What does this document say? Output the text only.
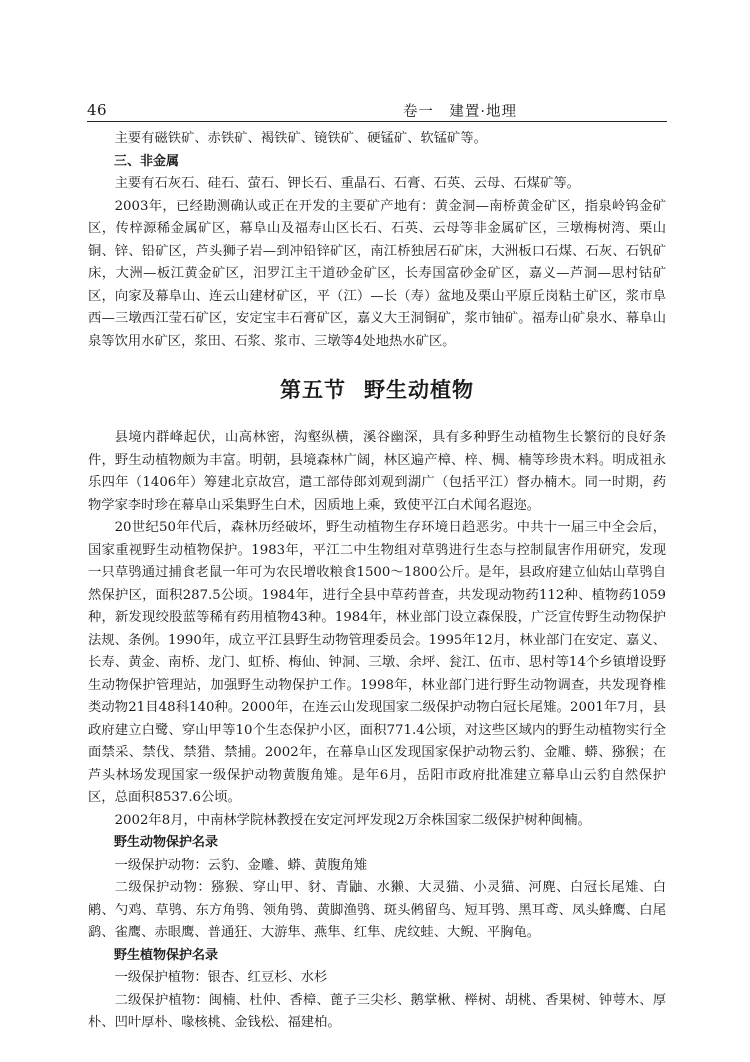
46	卷一　建置·地理

主要有磁铁矿、赤铁矿、褐铁矿、镜铁矿、硬锰矿、软锰矿等。

三、非金属

主要有石灰石、硅石、萤石、钾长石、重晶石、石膏、石英、云母、石煤矿等。

2003年，已经勘测确认或正在开发的主要矿产地有：黄金洞—南桥黄金矿区，指泉岭钨金矿区，传梓源稀金属矿区，幕阜山及福寿山区长石、石英、云母等非金属矿区，三墩梅树湾、栗山铜、锌、铅矿区，芦头狮子岩—到冲铅锌矿区，南江桥独居石矿床，大洲板口石煤、石灰、石钒矿床，大洲—板江黄金矿区，汨罗江主干道砂金矿区，长寿国富砂金矿区，嘉义—芦洞—思村钴矿区，向家及幕阜山、连云山建材矿区，平（江）—长（寿）盆地及栗山平原丘岗粘土矿区，浆市阜西—三墩西江莹石矿区，安定宝丰石膏矿区，嘉义大王洞铜矿，浆市铀矿。福寿山矿泉水、幕阜山泉等饮用水矿区，浆田、石浆、浆市、三墩等4处地热水矿区。

第五节 野生动植物

县境内群峰起伏，山高林密，沟壑纵横，溪谷幽深，具有多种野生动植物生长繁衍的良好条件，野生动植物颇为丰富。明朝，县境森林广阔，林区遍产樟、梓、椆、楠等珍贵木料。明成祖永乐四年（1406年）筹建北京故宫，遣工部侍郎刘观到湖广（包括平江）督办楠木。同一时期，药物学家李时珍在幕阜山采集野生白术，因质地上乘，致使平江白术闻名遐迩。

20世纪50年代后，森林历经破坏，野生动植物生存环境日趋恶劣。中共十一届三中全会后，国家重视野生动植物保护。1983年，平江二中生物组对草鸮进行生态与控制鼠害作用研究，发现一只草鸮通过捕食老鼠一年可为农民增收粮食1500～1800公斤。是年，县政府建立仙姑山草鸮自然保护区，面积287.5公顷。1984年，进行全县中草药普查，共发现动物药112种、植物药1059种，新发现绞股蓝等稀有药用植物43种。1984年，林业部门设立森保股，广泛宣传野生动物保护法规、条例。1990年，成立平江县野生动物管理委员会。1995年12月，林业部门在安定、嘉义、长寿、黄金、南桥、龙门、虹桥、梅仙、钟洞、三墩、余坪、瓮江、伍市、思村等14个乡镇增设野生动物保护管理站，加强野生动物保护工作。1998年，林业部门进行野生动物调查，共发现脊椎类动物21目48科140种。2000年，在连云山发现国家二级保护动物白冠长尾雉。2001年7月，县政府建立白鹭、穿山甲等10个生态保护小区，面积771.4公顷，对这些区域内的野生动植物实行全面禁采、禁伐、禁猎、禁捕。2002年，在幕阜山区发现国家保护动物云豹、金雕、蟒、猕猴；在芦头林场发现国家一级保护动物黄腹角雉。是年6月，岳阳市政府批准建立幕阜山云豹自然保护区，总面积8537.6公顷。

2002年8月，中南林学院林教授在安定河坪发现2万余株国家二级保护树种闽楠。

野生动物保护名录

一级保护动物：云豹、金雕、蟒、黄腹角雉

二级保护动物：猕猴、穿山甲、豺、青鼬、水獭、大灵猫、小灵猫、河麂、白冠长尾雉、白鹇、勺鸡、草鸮、东方角鸮、领角鸮、黄脚渔鸮、斑头鸺留鸟、短耳鸮、黑耳鸢、凤头蜂鹰、白尾鹞、雀鹰、赤眼鹰、普通狂、大游隼、燕隼、红隼、虎纹蛙、大鲵、平胸龟。

野生植物保护名录

一级保护植物：银杏、红豆杉、水杉

二级保护植物：闽楠、杜仲、香樟、蓖子三尖杉、鹅掌楸、榉树、胡桃、香果树、钟萼木、厚朴、凹叶厚朴、喙核桃、金钱松、福建柏。
